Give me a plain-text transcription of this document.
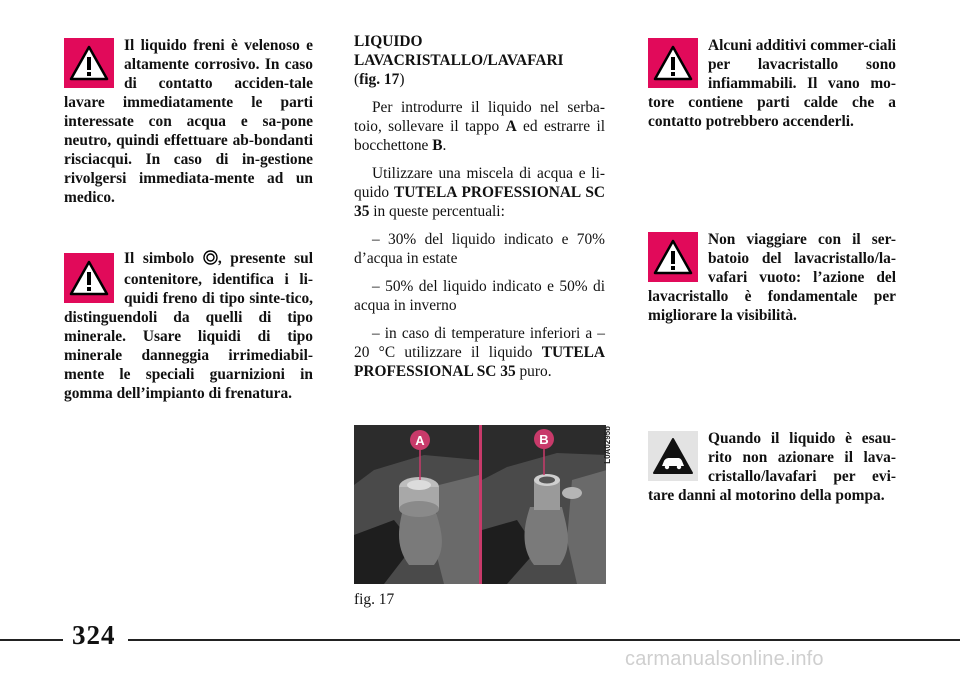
Il liquido freni è velenoso e altamente corrosivo. In caso di contatto acciden-tale lavare immediatamente le parti interessate con acqua e sa-pone neutro, quindi effettuare ab-bondanti risciacqui. In caso di in-gestione rivolgersi immediata-mente ad un medico.

Il simbolo , presente sul contenitore, identifica i li-quidi freno di tipo sinte-tico, distinguendoli da quelli di tipo minerale. Usare liquidi di tipo minerale danneggia irrimediabil-mente le speciali guarnizioni in gomma dell’impianto di frenatura.

LIQUIDO
LAVACRISTALLO/LAVAFARI

(fig. 17)

Per introdurre il liquido nel serba-toio, sollevare il tappo A ed estrarre il bocchettone B.

Utilizzare una miscela di acqua e li-quido TUTELA PROFESSIONAL SC 35 in queste percentuali:

– 30% del liquido indicato e 70% d’acqua in estate

– 50% del liquido indicato e 50% di acqua in inverno

– in caso di temperature inferiori a –20 °C utilizzare il liquido TUTELA PROFESSIONAL SC 35 puro.

A	B	L0A0295b
fig. 17

Alcuni additivi commer-ciali per lavacristallo sono infiammabili. Il vano mo-tore contiene parti calde che a contatto potrebbero accenderli.

Non viaggiare con il ser-batoio del lavacristallo/la-vafari vuoto: l’azione del lavacristallo è fondamentale per migliorare la visibilità.

Quando il liquido è esau-rito non azionare il lava-cristallo/lavafari per evi-tare danni al motorino della pompa.

324
carmanualsonline.info
